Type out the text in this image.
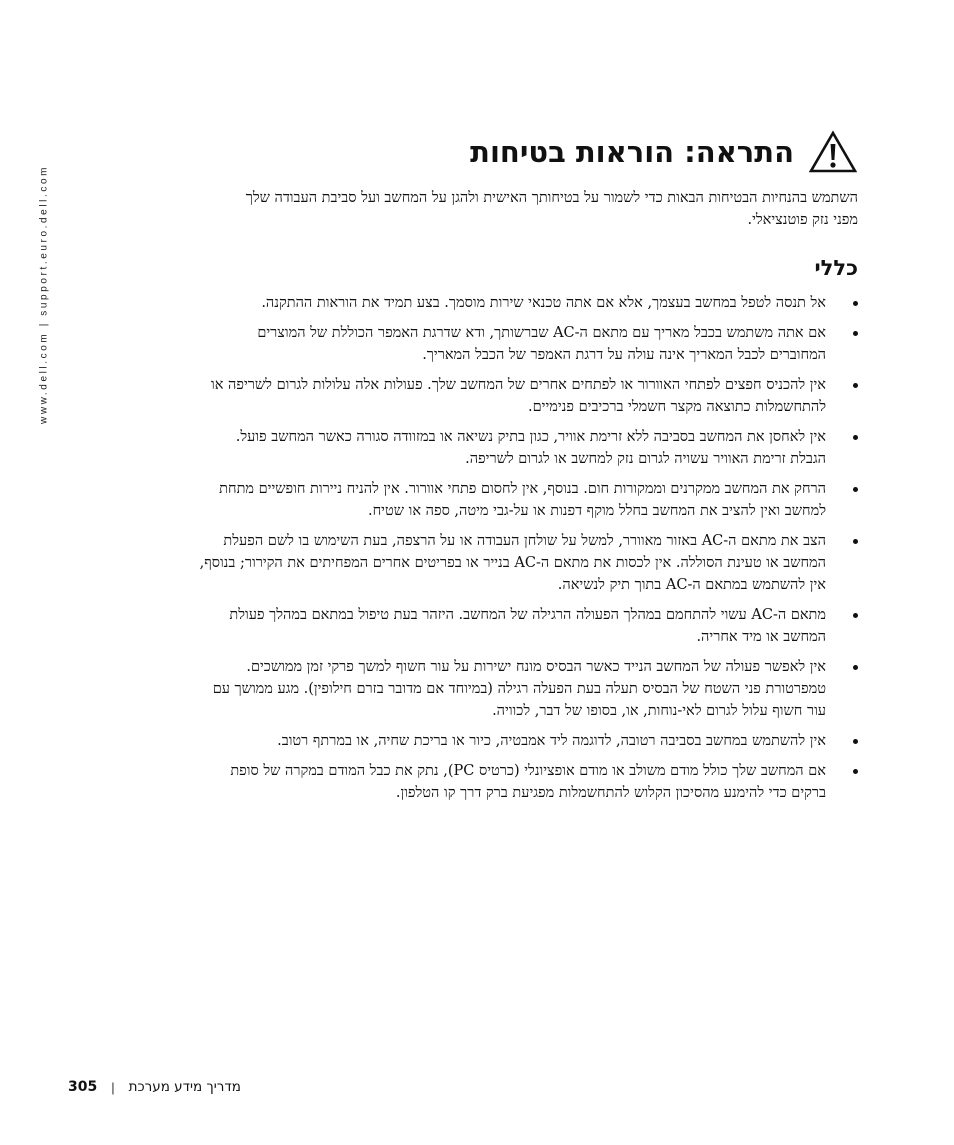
www.dell.com | support.euro.dell.com
התראה: הוראות בטיחות
השתמש בהנחיות הבטיחות הבאות כדי לשמור על בטיחותך האישית ולהגן על המחשב ועל סביבת העבודה שלך מפני נזק פוטנציאלי.
כללי
אל תנסה לטפל במחשב בעצמך, אלא אם אתה טכנאי שירות מוסמך. בצע תמיד את הוראות ההתקנה.
אם אתה משתמש בכבל מאריך עם מתאם ה-AC שברשותך, ודא שדרגת האמפר הכוללת של המוצרים המחוברים לכבל המאריך אינה עולה על דרגת האמפר של הכבל המאריך.
אין להכניס חפצים לפתחי האוורור או לפתחים אחרים של המחשב שלך. פעולות אלה עלולות לגרום לשריפה או להתחשמלות כתוצאה מקצר חשמלי ברכיבים פנימיים.
אין לאחסן את המחשב בסביבה ללא זרימת אוויר, כגון בתיק נשיאה או במזוודה סגורה כאשר המחשב פועל. הגבלת זרימת האוויר עשויה לגרום נזק למחשב או לגרום לשריפה.
הרחק את המחשב ממקרנים וממקורות חום. בנוסף, אין לחסום פתחי אוורור. אין להניח ניירות חופשיים מתחת למחשב ואין להציב את המחשב בחלל מוקף דפנות או על-גבי מיטה, ספה או שטיח.
הצב את מתאם ה-AC באזור מאוורר, למשל על שולחן העבודה או על הרצפה, בעת השימוש בו לשם הפעלת המחשב או טעינת הסוללה. אין לכסות את מתאם ה-AC בנייר או בפריטים אחרים המפחיתים את הקירור; בנוסף, אין להשתמש במתאם ה-AC בתוך תיק לנשיאה.
מתאם ה-AC עשוי להתחמם במהלך הפעולה הרגילה של המחשב. היזהר בעת טיפול במתאם במהלך פעולת המחשב או מיד אחריה.
אין לאפשר פעולה של המחשב הנייד כאשר הבסיס מונח ישירות על עור חשוף למשך פרקי זמן ממושכים. טמפרטורת פני השטח של הבסיס תעלה בעת הפעלה רגילה (במיוחד אם מדובר בזרם חילופין). מגע ממושך עם עור חשוף עלול לגרום לאי-נוחות, או, בסופו של דבר, לכוויה.
אין להשתמש במחשב בסביבה רטובה, לדוגמה ליד אמבטיה, כיור או בריכת שחיה, או במרתף רטוב.
אם המחשב שלך כולל מודם משולב או מודם אופציונלי (כרטיס PC), נתק את כבל המודם במקרה של סופת ברקים כדי להימנע מהסיכון הקלוש להתחשמלות מפגיעת ברק דרך קו הטלפון.
305 | מדריך מידע מערכת
